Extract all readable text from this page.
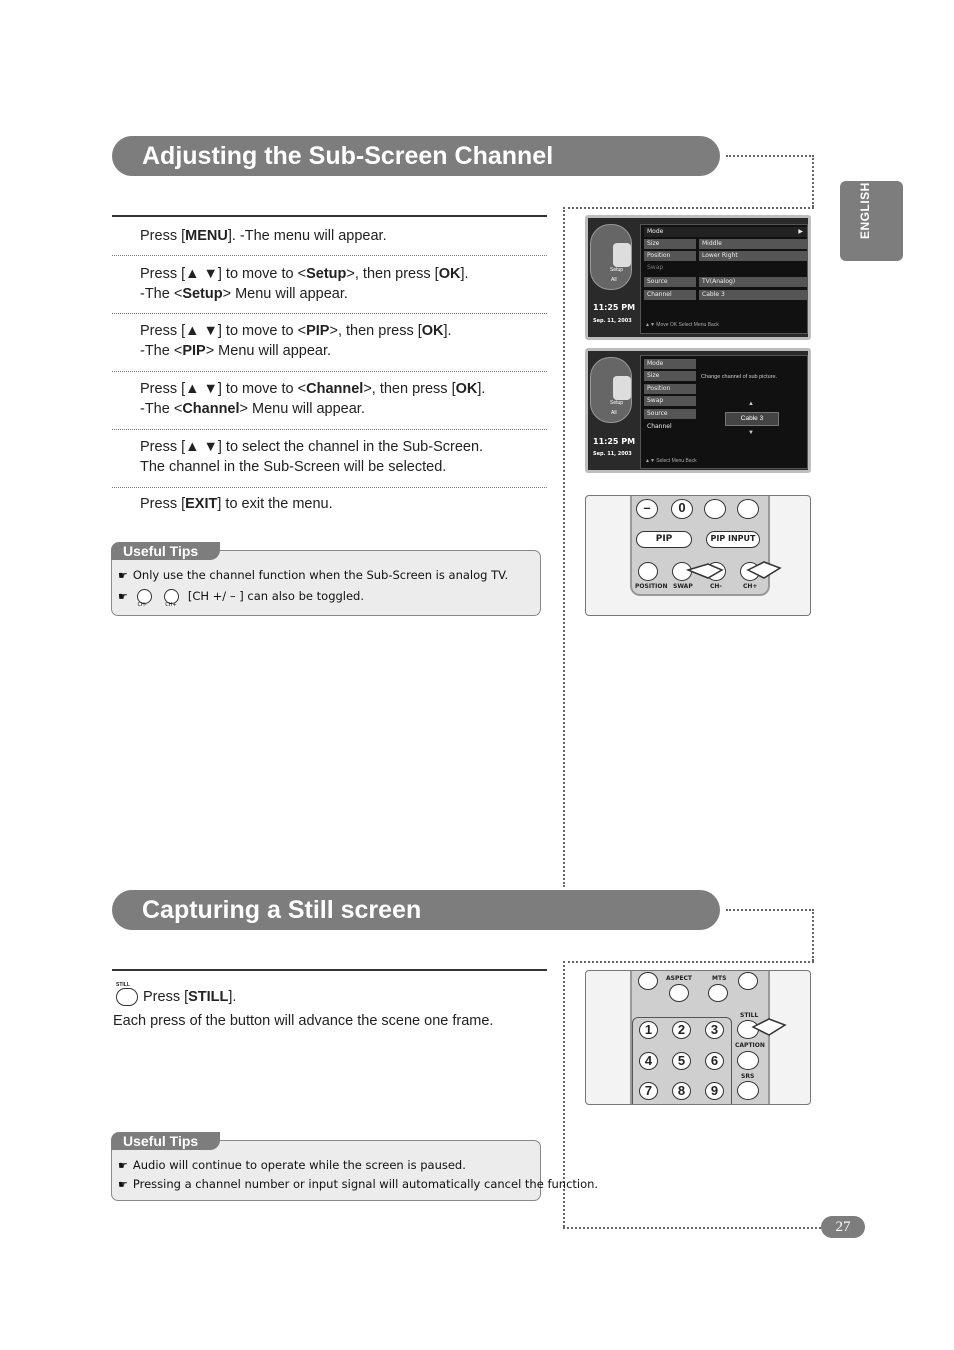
Adjusting the Sub-Screen Channel
ENGLISH
Press [MENU]. -The menu will appear.
Press [▲ ▼] to move to <Setup>, then press [OK].
-The <Setup> Menu will appear.
Press [▲ ▼] to move to <PIP>, then press [OK].
-The <PIP> Menu will appear.
Press [▲ ▼] to move to <Channel>, then press [OK].
-The <Channel> Menu will appear.
Press [▲ ▼] to select the channel in the Sub-Screen.
The channel in the Sub-Screen will be selected.
Press [EXIT] to exit the menu.
Useful Tips
☛ Only use the channel function when the Sub-Screen is analog TV.
☛
CH-
	CH+
[CH +/ – ] can also be toggled.
Setup
All
Mode	▶
Size	Middle
Position	Lower Right
Swap
Source	TV(Analog)
Channel	Cable 3
▲▼ Move OK Select Menu Back
11:25 PM
Sep. 11, 2003
Setup
All
Mode
Size
Position
Swap
Source
Channel
Change channel of sub picture.
▲
Cable 3
▼
▲▼ Select Menu Back
11:25 PM
Sep. 11, 2003
–	0
PIP	PIP INPUT
POSITION SWAP	CH-	CH+
Capturing a Still screen
STILL
Press [STILL].
Each press of the button will advance the scene one frame.
Useful Tips
☛ Audio will continue to operate while the screen is paused.
☛ Pressing a channel number or input signal will automatically cancel the function.
ASPECT	MTS
1	2	3
4	5	6
7	8	9
STILL
CAPTION
SRS
27
